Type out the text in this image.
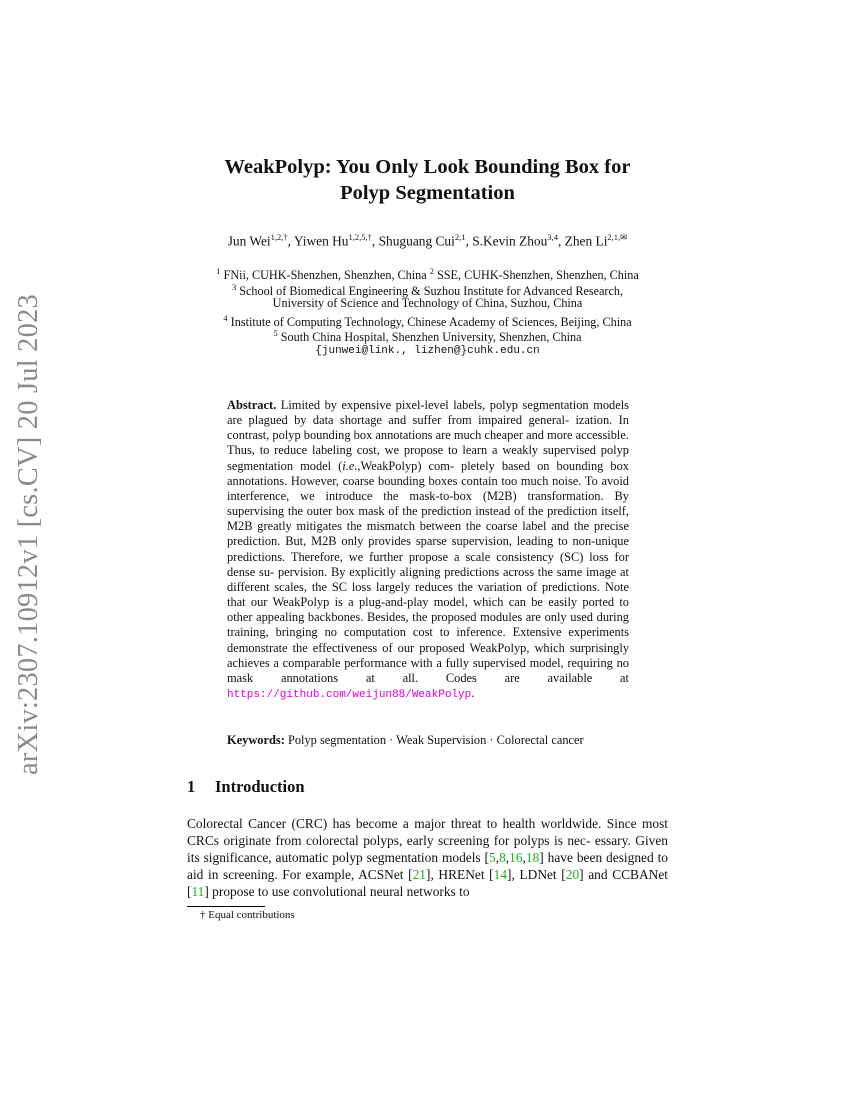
arXiv:2307.10912v1 [cs.CV] 20 Jul 2023
WeakPolyp: You Only Look Bounding Box for
Polyp Segmentation
Jun Wei$^{1,2,\dagger}$, Yiwen $Hu^{1,2,5,\dagger}$, Shuguang Cui$^{2,1}$, S.Kevin Zhou$^{3,4}$, Zhen $Li^{2,1,✉}$
$^1$ FNii, CUHK-Shenzhen, Shenzhen, China $^2$ SSE, CUHK-Shenzhen, Shenzhen, China
$^3$ School of Biomedical Engineering & Suzhou Institute for Advanced Research,
University of Science and Technology of China, Suzhou, China
$^4$ Institute of Computing Technology, Chinese Academy of Sciences, Beijing, China
$^5$ South China Hospital, Shenzhen University, Shenzhen, China
{junwei@link., lizhen@}cuhk.edu.cn
Abstract. Limited by expensive pixel-level labels, polyp segmentation models are plagued by data shortage and suffer from impaired general- ization. In contrast, polyp bounding box annotations are much cheaper and more accessible. Thus, to reduce labeling cost, we propose to learn a weakly supervised polyp segmentation model (i.e.,WeakPolyp) com- pletely based on bounding box annotations. However, coarse bounding boxes contain too much noise. To avoid interference, we introduce the mask-to-box (M2B) transformation. By supervising the outer box mask of the prediction instead of the prediction itself, M2B greatly mitigates the mismatch between the coarse label and the precise prediction. But, M2B only provides sparse supervision, leading to non-unique predictions. Therefore, we further propose a scale consistency (SC) loss for dense su- pervision. By explicitly aligning predictions across the same image at different scales, the SC loss largely reduces the variation of predictions. Note that our WeakPolyp is a plug-and-play model, which can be easily ported to other appealing backbones. Besides, the proposed modules are only used during training, bringing no computation cost to inference. Extensive experiments demonstrate the effectiveness of our proposed WeakPolyp, which surprisingly achieves a comparable performance with a fully supervised model, requiring no mask annotations at all. Codes are available at https://github.com/weijun88/WeakPolyp.
Keywords: Polyp segmentation · Weak Supervision · Colorectal cancer
1 Introduction
Colorectal Cancer (CRC) has become a major threat to health worldwide. Since most CRCs originate from colorectal polyps, early screening for polyps is nec- essary. Given its significance, automatic polyp segmentation models [5,8,16,18] have been designed to aid in screening. For example, ACSNet [21], HRENet [14], LDNet [20] and CCBANet [11] propose to use convolutional neural networks to
† Equal contributions
